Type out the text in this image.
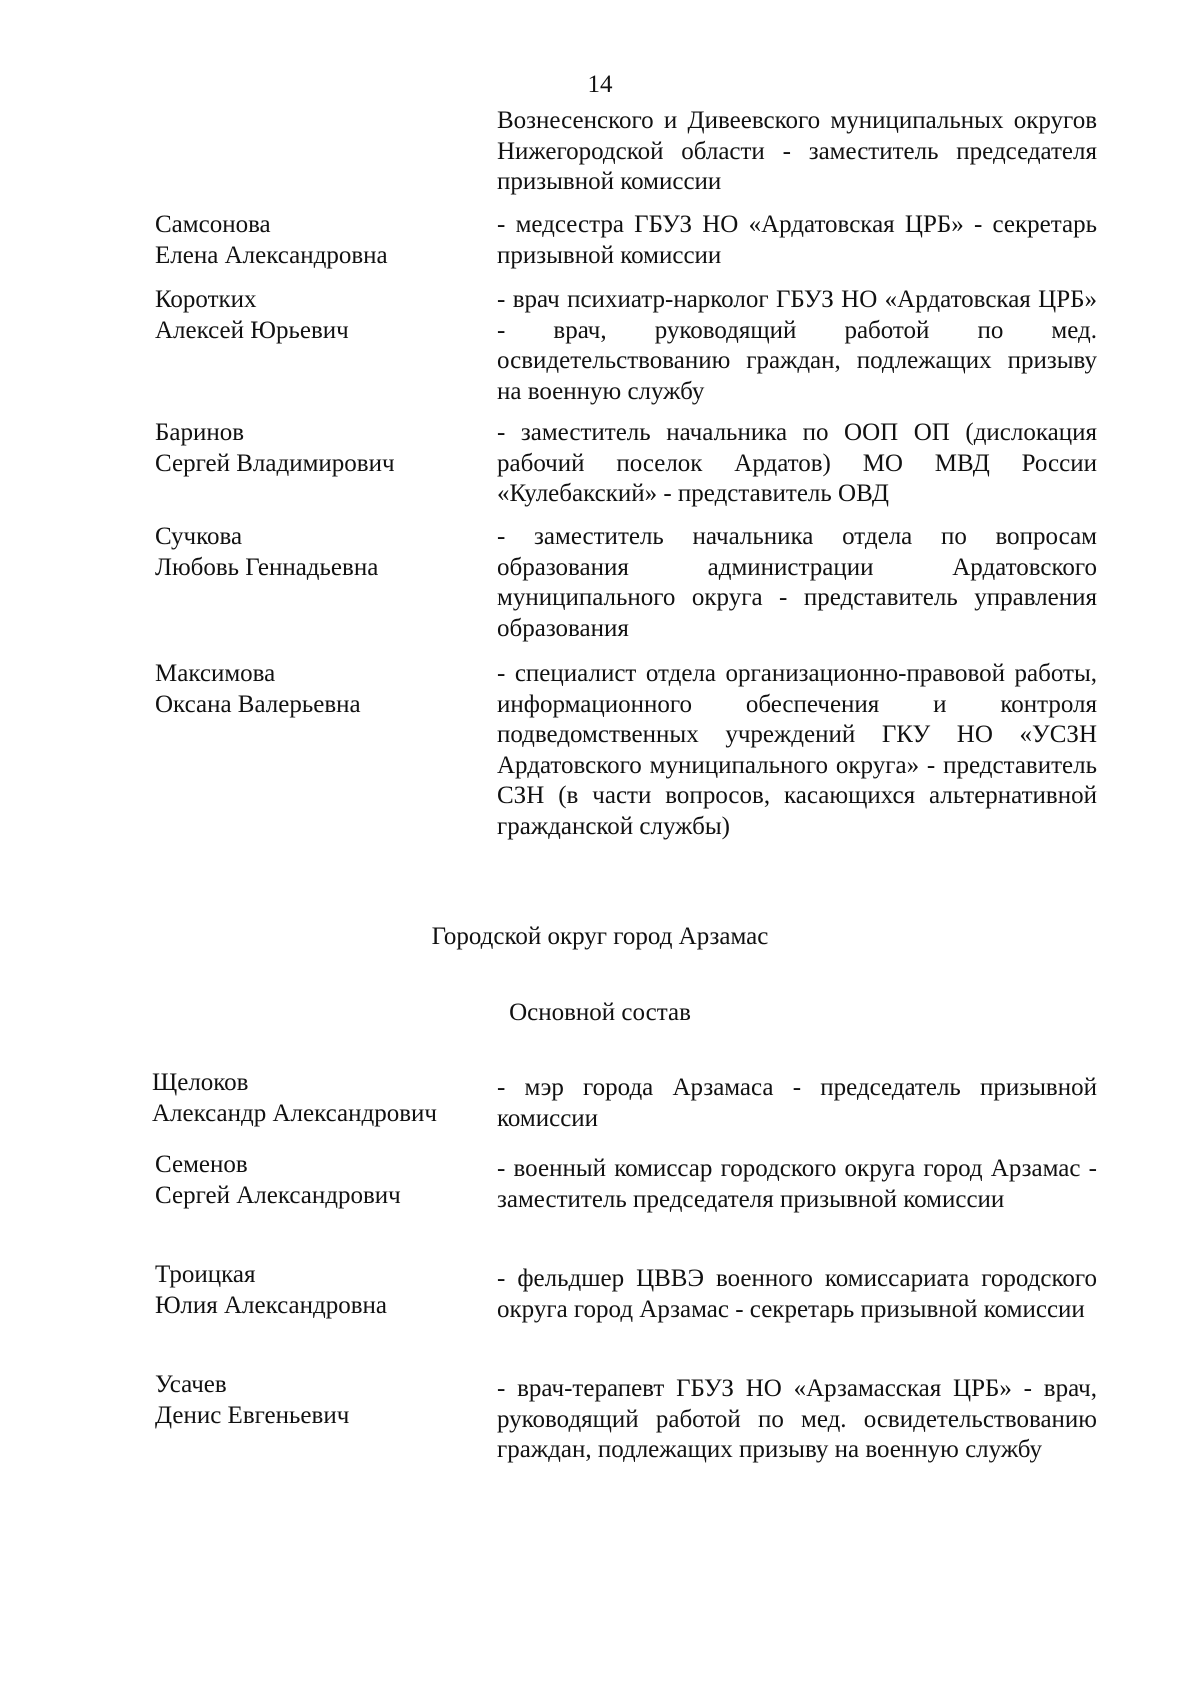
14
Вознесенского и Дивеевского муниципальных округов Нижегородской области - заместитель председателя призывной комиссии
Самсонова
Елена Александровна
- медсестра ГБУЗ НО «Ардатовская ЦРБ» - секретарь призывной комиссии
Коротких
Алексей Юрьевич
- врач психиатр-нарколог ГБУЗ НО «Ардатовская ЦРБ» - врач, руководящий работой по мед. освидетельствованию граждан, подлежащих призыву на военную службу
Баринов
Сергей Владимирович
- заместитель начальника по ООП ОП (дислокация рабочий поселок Ардатов) МО МВД России «Кулебакский» - представитель ОВД
Сучкова
Любовь Геннадьевна
- заместитель начальника отдела по вопросам образования администрации Ардатовского муниципального округа - представитель управления образования
Максимова
Оксана Валерьевна
- специалист отдела организационно-правовой работы, информационного обеспечения и контроля подведомственных учреждений ГКУ НО «УСЗН Ардатовского муниципального округа» - представитель СЗН (в части вопросов, касающихся альтернативной гражданской службы)
Городской округ город Арзамас
Основной состав
Щелоков
Александр Александрович
- мэр города Арзамаса - председатель призывной комиссии
Семенов
Сергей Александрович
- военный комиссар городского округа город Арзамас - заместитель председателя призывной комиссии
Троицкая
Юлия Александровна
- фельдшер ЦВВЭ военного комиссариата городского округа город Арзамас - секретарь призывной комиссии
Усачев
Денис Евгеньевич
- врач-терапевт ГБУЗ НО «Арзамасская ЦРБ» - врач, руководящий работой по мед. освидетельствованию граждан, подлежащих призыву на военную службу
